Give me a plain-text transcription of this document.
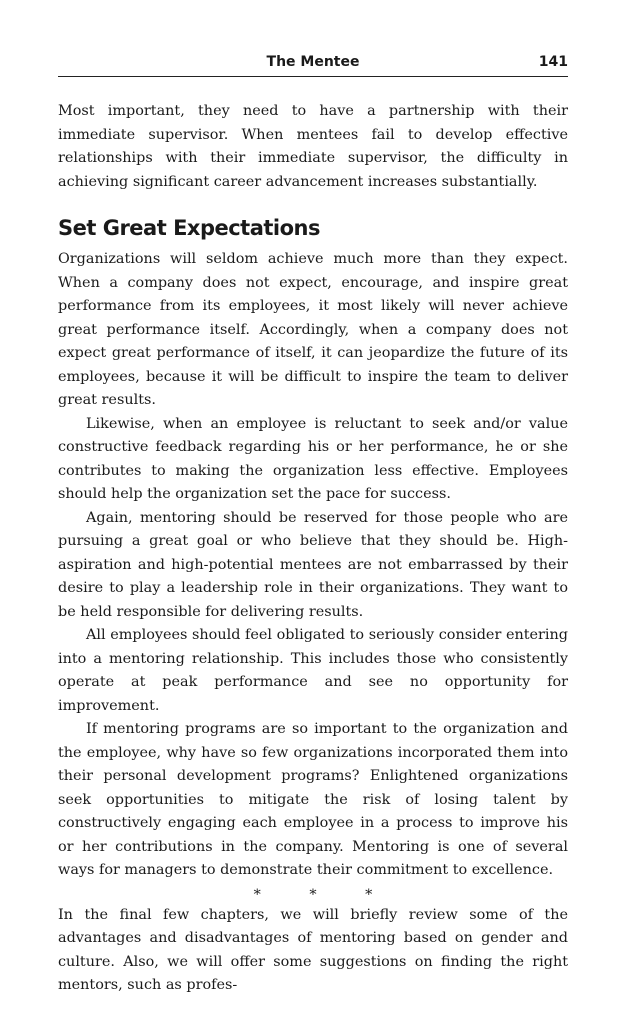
The Mentee	141

Most important, they need to have a partnership with their immediate supervisor. When mentees fail to develop effective relationships with their immediate supervisor, the difficulty in achieving significant career advancement increases substantially.

Set Great Expectations

Organizations will seldom achieve much more than they expect. When a company does not expect, encourage, and inspire great performance from its employees, it most likely will never achieve great performance itself. Accordingly, when a company does not expect great performance of itself, it can jeopardize the future of its employees, because it will be difficult to inspire the team to deliver great results.

Likewise, when an employee is reluctant to seek and/or value constructive feedback regarding his or her performance, he or she contributes to making the organization less effective. Employees should help the organization set the pace for success.

Again, mentoring should be reserved for those people who are pursuing a great goal or who believe that they should be. High-aspiration and high-potential mentees are not embarrassed by their desire to play a leadership role in their organizations. They want to be held responsible for delivering results.

All employees should feel obligated to seriously consider entering into a mentoring relationship. This includes those who consistently operate at peak performance and see no opportunity for improvement.

If mentoring programs are so important to the organization and the employee, why have so few organizations incorporated them into their personal development programs? Enlightened organizations seek opportunities to mitigate the risk of losing talent by constructively engaging each employee in a process to improve his or her contributions in the company. Mentoring is one of several ways for managers to demonstrate their commitment to excellence.

* * *

In the final few chapters, we will briefly review some of the advantages and disadvantages of mentoring based on gender and culture. Also, we will offer some suggestions on finding the right mentors, such as profes-
